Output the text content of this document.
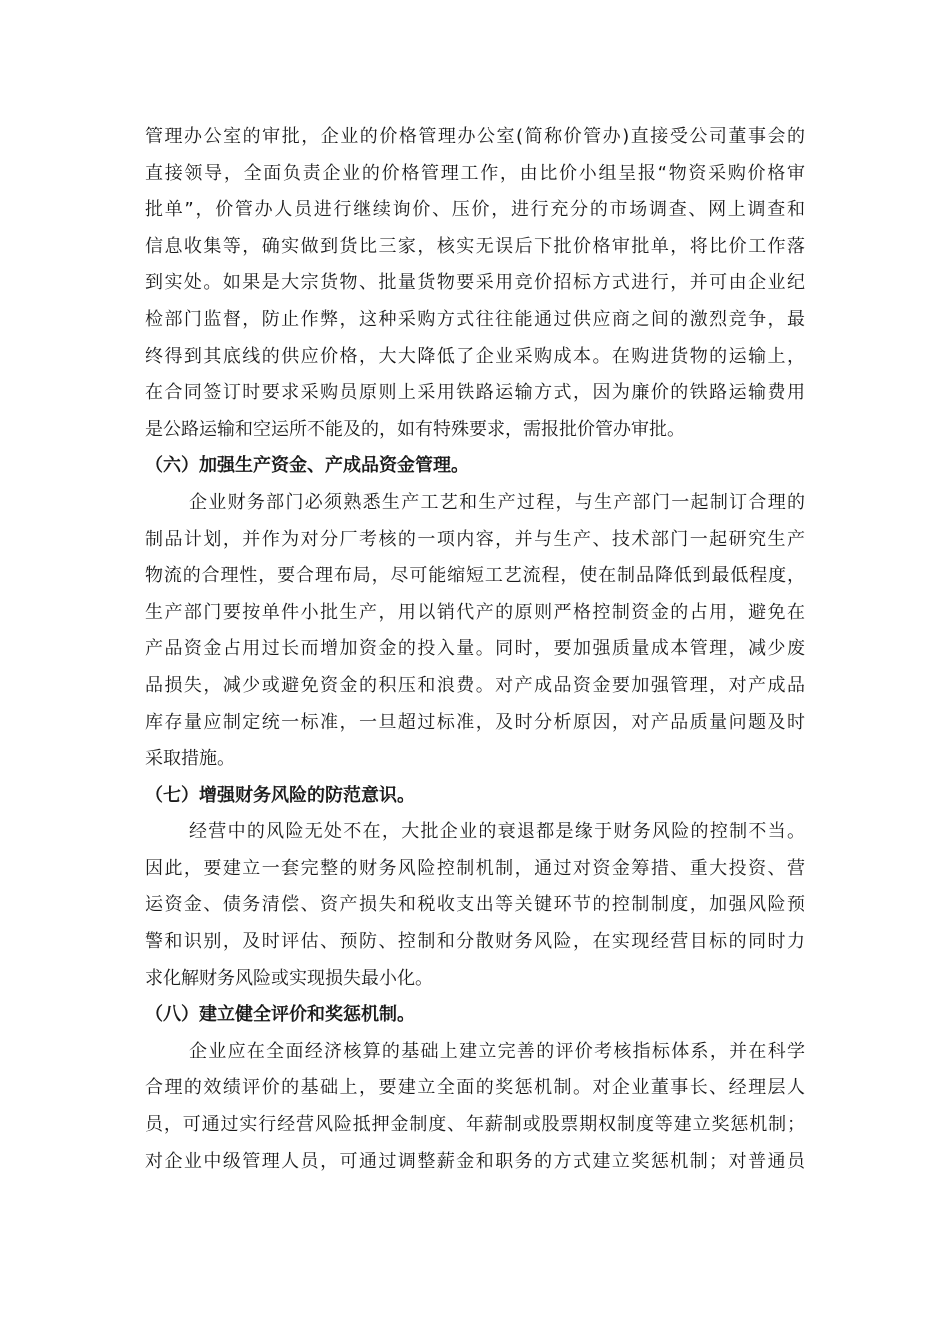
管理办公室的审批，企业的价格管理办公室(简称价管办)直接受公司董事会的
直接领导，全面负责企业的价格管理工作，由比价小组呈报“物资采购价格审
批单”，价管办人员进行继续询价、压价，进行充分的市场调查、网上调查和
信息收集等，确实做到货比三家，核实无误后下批价格审批单，将比价工作落
到实处。如果是大宗货物、批量货物要采用竞价招标方式进行，并可由企业纪
检部门监督，防止作弊，这种采购方式往往能通过供应商之间的激烈竞争，最
终得到其底线的供应价格，大大降低了企业采购成本。在购进货物的运输上，
在合同签订时要求采购员原则上采用铁路运输方式，因为廉价的铁路运输费用
是公路运输和空运所不能及的，如有特殊要求，需报批价管办审批。
（六）加强生产资金、产成品资金管理。
企业财务部门必须熟悉生产工艺和生产过程，与生产部门一起制订合理的
制品计划，并作为对分厂考核的一项内容，并与生产、技术部门一起研究生产
物流的合理性，要合理布局，尽可能缩短工艺流程，使在制品降低到最低程度，
生产部门要按单件小批生产，用以销代产的原则严格控制资金的占用，避免在
产品资金占用过长而增加资金的投入量。同时，要加强质量成本管理，减少废
品损失，减少或避免资金的积压和浪费。对产成品资金要加强管理，对产成品
库存量应制定统一标准，一旦超过标准，及时分析原因，对产品质量问题及时
采取措施。
（七）增强财务风险的防范意识。
经营中的风险无处不在，大批企业的衰退都是缘于财务风险的控制不当。
因此，要建立一套完整的财务风险控制机制，通过对资金筹措、重大投资、营
运资金、债务清偿、资产损失和税收支出等关键环节的控制制度，加强风险预
警和识别，及时评估、预防、控制和分散财务风险，在实现经营目标的同时力
求化解财务风险或实现损失最小化。
（八）建立健全评价和奖惩机制。
企业应在全面经济核算的基础上建立完善的评价考核指标体系，并在科学
合理的效绩评价的基础上，要建立全面的奖惩机制。对企业董事长、经理层人
员，可通过实行经营风险抵押金制度、年薪制或股票期权制度等建立奖惩机制；
对企业中级管理人员，可通过调整薪金和职务的方式建立奖惩机制；对普通员
